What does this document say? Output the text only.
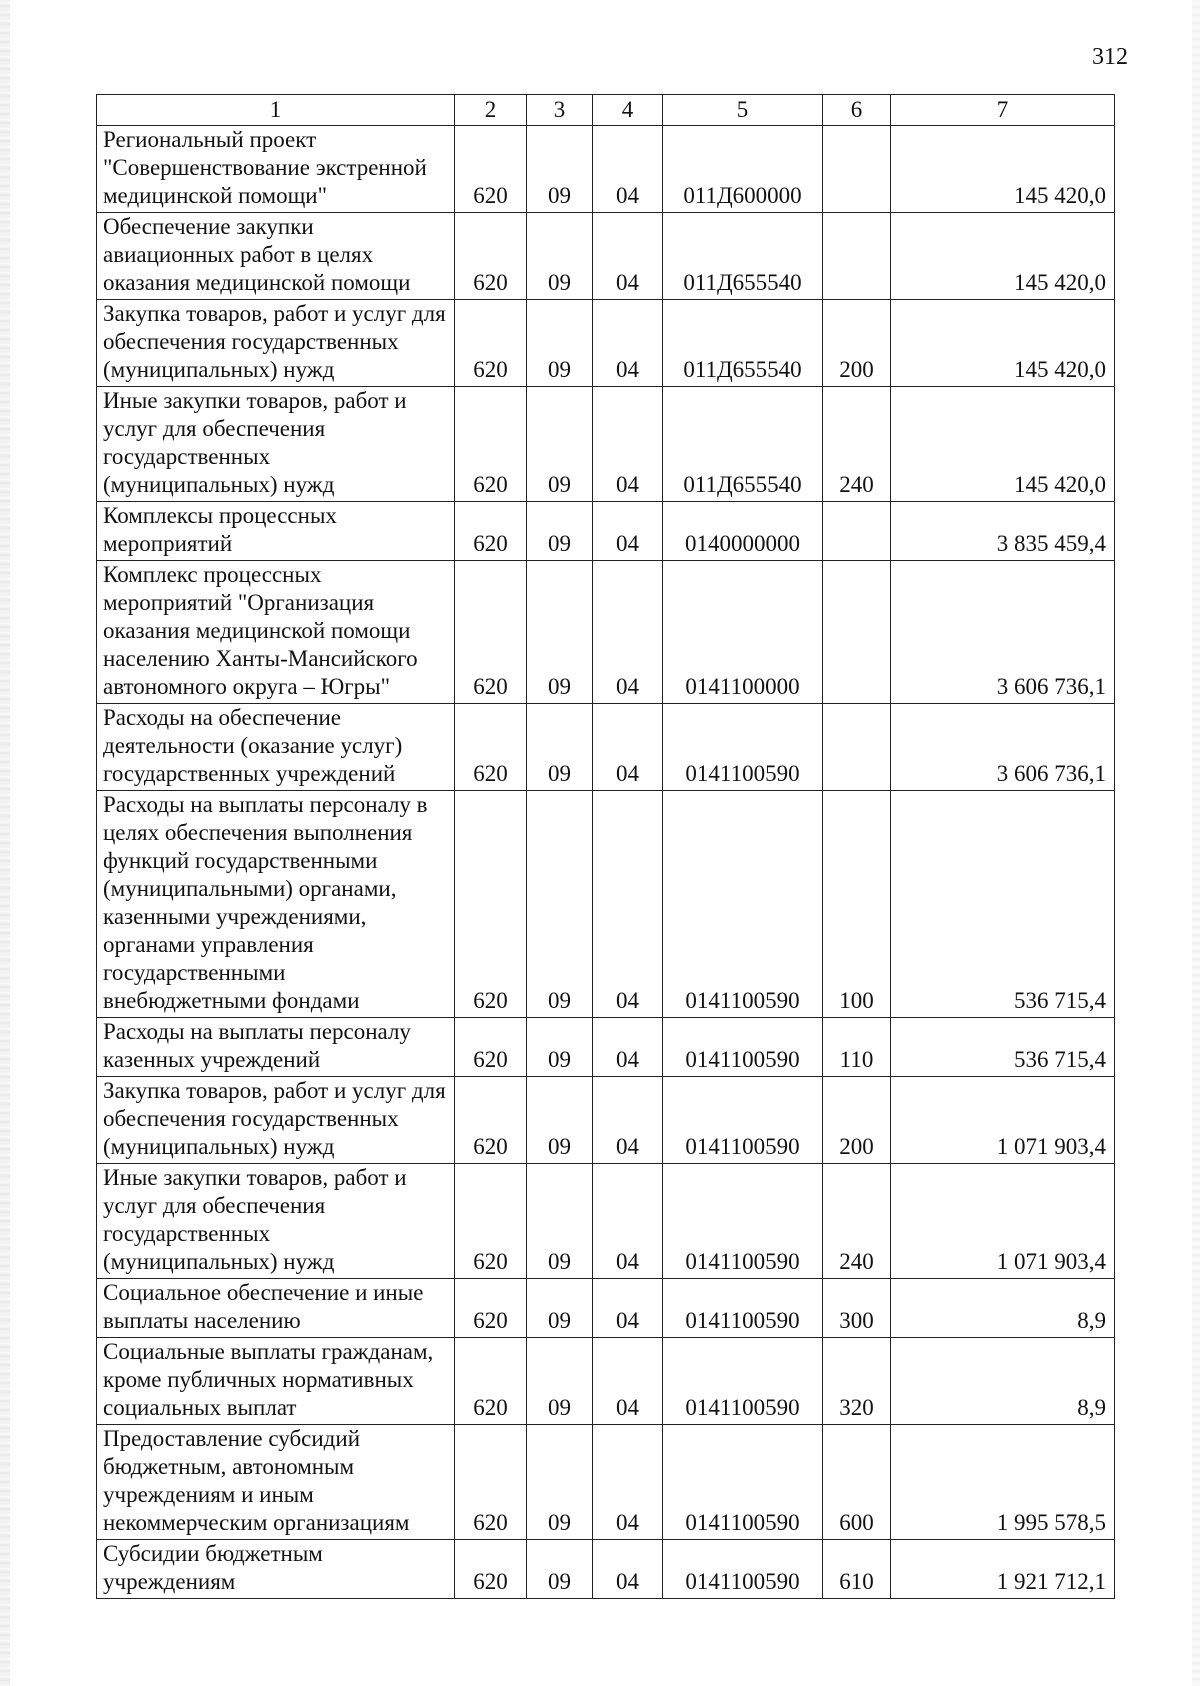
312
1	2	3	4	5	6	7
Региональный проект "Совершенствование экстренной медицинской помощи"	620	09	04	011Д600000		145 420,0
Обеспечение закупки авиационных работ в целях оказания медицинской помощи	620	09	04	011Д655540		145 420,0
Закупка товаров, работ и услуг для обеспечения государственных (муниципальных) нужд	620	09	04	011Д655540	200	145 420,0
Иные закупки товаров, работ и услуг для обеспечения государственных (муниципальных) нужд	620	09	04	011Д655540	240	145 420,0
Комплексы процессных мероприятий	620	09	04	0140000000		3 835 459,4
Комплекс процессных мероприятий "Организация оказания медицинской помощи населению Ханты-Мансийского автономного округа – Югры"	620	09	04	0141100000		3 606 736,1
Расходы на обеспечение деятельности (оказание услуг) государственных учреждений	620	09	04	0141100590		3 606 736,1
Расходы на выплаты персоналу в целях обеспечения выполнения функций государственными (муниципальными) органами, казенными учреждениями, органами управления государственными внебюджетными фондами	620	09	04	0141100590	100	536 715,4
Расходы на выплаты персоналу казенных учреждений	620	09	04	0141100590	110	536 715,4
Закупка товаров, работ и услуг для обеспечения государственных (муниципальных) нужд	620	09	04	0141100590	200	1 071 903,4
Иные закупки товаров, работ и услуг для обеспечения государственных (муниципальных) нужд	620	09	04	0141100590	240	1 071 903,4
Социальное обеспечение и иные выплаты населению	620	09	04	0141100590	300	8,9
Социальные выплаты гражданам, кроме публичных нормативных социальных выплат	620	09	04	0141100590	320	8,9
Предоставление субсидий бюджетным, автономным учреждениям и иным некоммерческим организациям	620	09	04	0141100590	600	1 995 578,5
Субсидии бюджетным учреждениям	620	09	04	0141100590	610	1 921 712,1
